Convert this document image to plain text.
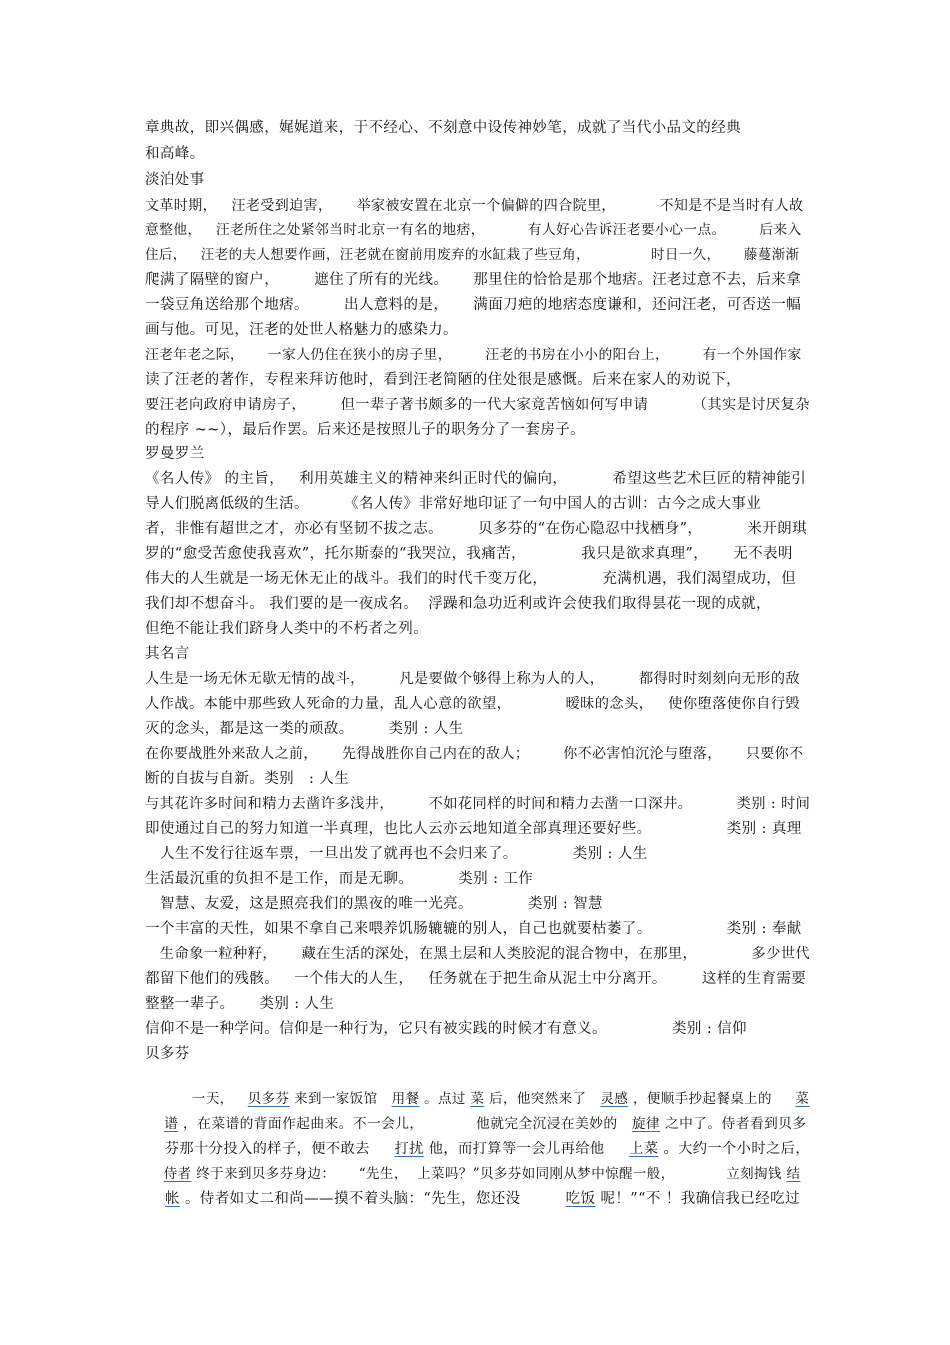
章典故，即兴偶感，娓娓道来，于不经心、不刻意中设传神妙笔，成就了当代小品文的经典
和高峰。
淡泊处事
文革时期，   汪老受到迫害，     举家被安置在北京一个偏僻的四合院里，         不知是不是当时有人故
意整他，   汪老所住之处紧邻当时北京一有名的地痞，         有人好心告诉汪老要小心一点。       后来入
住后，   汪老的夫人想要作画，汪老就在窗前用废弃的水缸栽了些豆角，             时日一久，     藤蔓渐渐
爬满了隔壁的窗户，       遮住了所有的光线。     那里住的恰恰是那个地痞。汪老过意不去，后来拿
一袋豆角送给那个地痞。       出人意料的是，     满面刀疤的地痞态度谦和，还问汪老，可否送一幅
画与他。可见，汪老的处世人格魅力的感染力。
汪老年老之际，     一家人仍住在狭小的房子里，       汪老的书房在小小的阳台上，       有一个外国作家
读了汪老的著作，专程来拜访他时，看到汪老简陋的住处很是感慨。后来在家人的劝说下，
要汪老向政府申请房子，       但一辈子著书颇多的一代大家竟苦恼如何写申请         （其实是讨厌复杂
的程序 ~~），最后作罢。后来还是按照儿子的职务分了一套房子。
罗曼罗兰
《名人传》 的主旨，   利用英雄主义的精神来纠正时代的偏向，         希望这些艺术巨匠的精神能引
导人们脱离低级的生活。       《名人传》非常好地印证了一句中国人的古训：古今之成大事业
者，非惟有超世之才，亦必有坚韧不拔之志。       贝多芬的“在伤心隐忍中找栖身”，         米开朗琪
罗的“愈受苦愈使我喜欢”，托尔斯泰的“我哭泣，我痛苦，           我只是欲求真理”，     无不表明
伟大的人生就是一场无休无止的战斗。我们的时代千变万化，           充满机遇，我们渴望成功，但
我们却不想奋斗。 我们要的是一夜成名。  浮躁和急功近利或许会使我们取得昙花一现的成就，
但绝不能让我们跻身人类中的不朽者之列。
其名言
人生是一场无休无歇无情的战斗，       凡是要做个够得上称为人的人，       都得时时刻刻向无形的敌
人作战。本能中那些致人死命的力量，乱人心意的欲望，           暧昧的念头，   使你堕落使你自行毁
灭的念头，都是这一类的顽敌。       类别 : 人生
在你要战胜外来敌人之前，     先得战胜你自己内在的敌人；       你不必害怕沉沦与堕落，     只要你不
断的自拔与自新。类别   : 人生
与其花许多时间和精力去凿许多浅井，       不如花同样的时间和精力去凿一口深井。         类别 : 时间
即使通过自己的努力知道一半真理，也比人云亦云地知道全部真理还要好些。               类别 : 真理
人生不发行往返车票，一旦出发了就再也不会归来了。           类别 : 人生
生活最沉重的负担不是工作，而是无聊。         类别 : 工作
智慧、友爱，这是照亮我们的黑夜的唯一光亮。           类别 : 智慧
一个丰富的天性，如果不拿自己来喂养饥肠辘辘的别人，自己也就要枯萎了。               类别 : 奉献
生命象一粒种籽，     藏在生活的深处，在黑土层和人类胶泥的混合物中，在那里，           多少世代
都留下他们的残骸。   一个伟大的人生，   任务就在于把生命从泥土中分离开。       这样的生育需要
整整一辈子。     类别 : 人生
信仰不是一种学问。信仰是一种行为，它只有被实践的时候才有意义。             类别 : 信仰
贝多芬

一天，   贝多芬 来到一家饭馆   用餐 。点过 菜 后，他突然来了   灵感 ，便顺手抄起餐桌上的     菜

谱 ，在菜谱的背面作起曲来。不一会儿，           他就完全沉浸在美妙的   旋律 之中了。侍者看到贝多

芬那十分投入的样子，便不敢去     打扰 他，而打算等一会儿再给他     上菜 。大约一个小时之后，

侍者 终于来到贝多芬身边：     “先生，  上菜吗？”贝多芬如同刚从梦中惊醒一般，           立刻掏钱 结

帐 。侍者如丈二和尚——摸不着头脑：“先生，您还没         吃饭 呢！”“不 ！我确信我已经吃过
